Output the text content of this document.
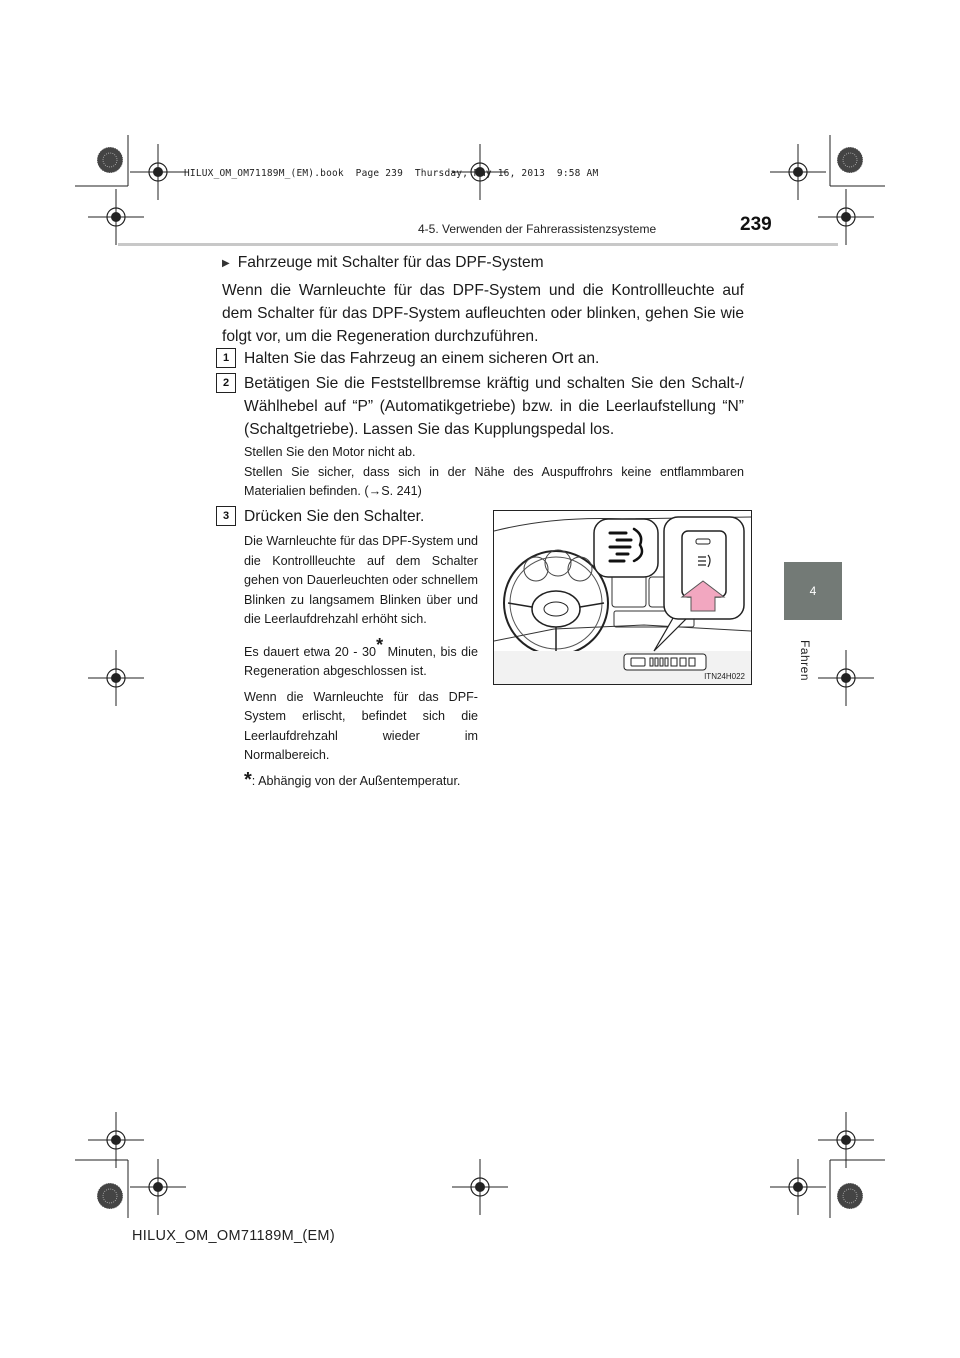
HILUX_OM_OM71189M_(EM).book  Page 239  Thursday, May 16, 2013  9:58 AM
4-5. Verwenden der Fahrerassistenzsysteme	239
4
Fahren
▶ Fahrzeuge mit Schalter für das DPF-System
Wenn die Warnleuchte für das DPF-System und die Kontrollleuchte auf dem Schalter für das DPF-System aufleuchten oder blinken, gehen Sie wie folgt vor, um die Regeneration durchzuführen.
1 Halten Sie das Fahrzeug an einem sicheren Ort an.
2 Betätigen Sie die Feststellbremse kräftig und schalten Sie den Schalt-/ Wählhebel auf “P” (Automatikgetriebe) bzw. in die Leerlaufstellung “N” (Schaltgetriebe). Lassen Sie das Kupplungspedal los.
Stellen Sie den Motor nicht ab.
Stellen Sie sicher, dass sich in der Nähe des Auspuffrohrs keine entflammbaren Materialien befinden. (→S. 241)
3 Drücken Sie den Schalter.
Die Warnleuchte für das DPF-System und die Kontrollleuchte auf dem Schalter gehen von Dauerleuchten oder schnellem Blinken zu langsamem Blinken über und die Leerlaufdrehzahl erhöht sich.
Es dauert etwa 20 - 30* Minuten, bis die Regeneration abgeschlossen ist.
Wenn die Warnleuchte für das DPF-System erlischt, befindet sich die Leerlaufdrehzahl wieder im Normalbereich.
* : Abhängig von der Außentemperatur.
ITN24H022
HILUX_OM_OM71189M_(EM)
